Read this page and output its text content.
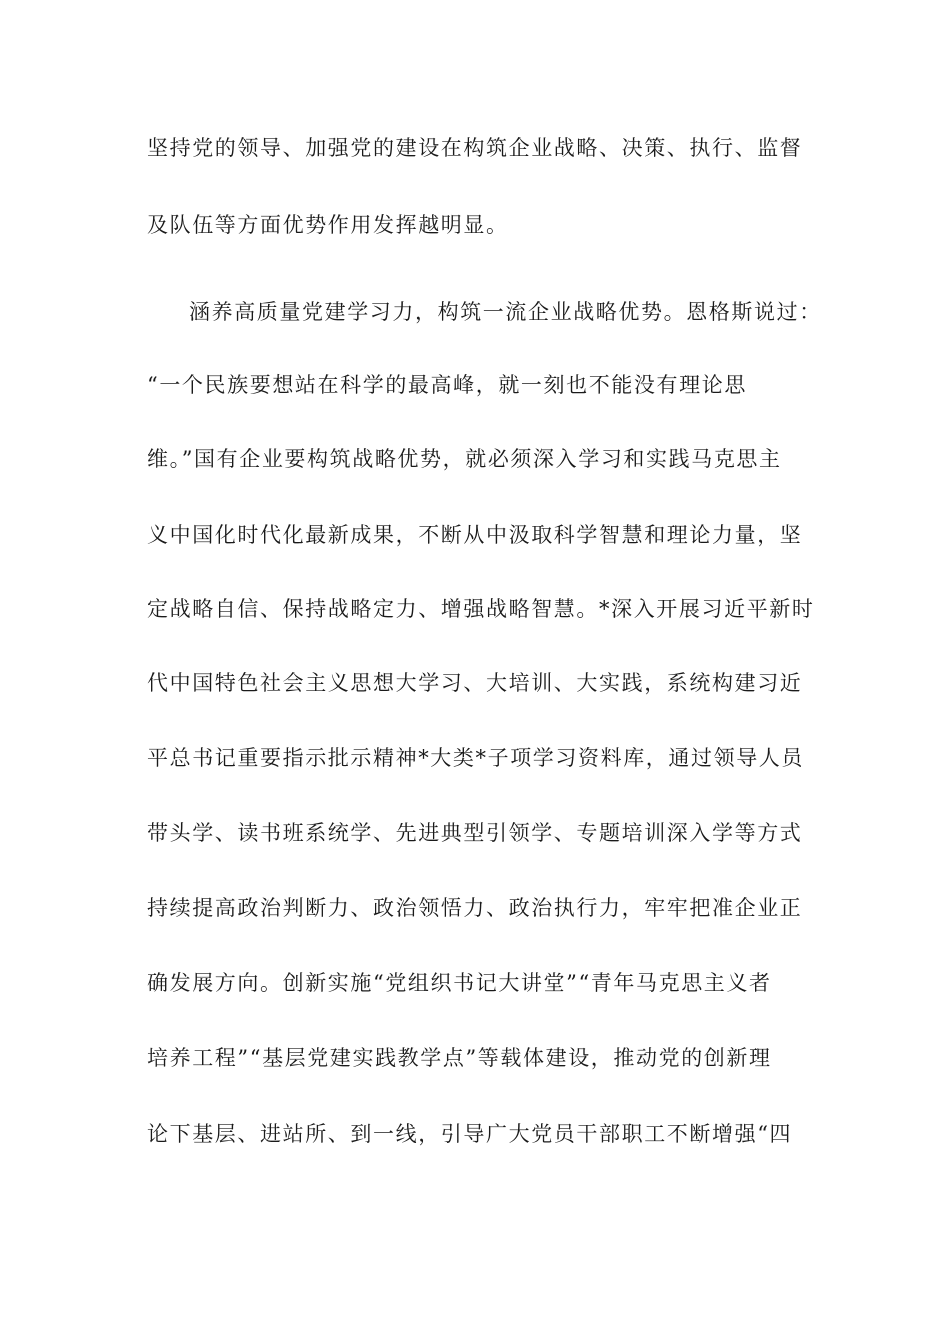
坚持党的领导、加强党的建设在构筑企业战略、决策、执行、监督
及队伍等方面优势作用发挥越明显。
涵养高质量党建学习力，构筑一流企业战略优势。恩格斯说过：
“一个民族要想站在科学的最高峰，就一刻也不能没有理论思
维。”国有企业要构筑战略优势，就必须深入学习和实践马克思主
义中国化时代化最新成果，不断从中汲取科学智慧和理论力量，坚
定战略自信、保持战略定力、增强战略智慧。*深入开展习近平新时
代中国特色社会主义思想大学习、大培训、大实践，系统构建习近
平总书记重要指示批示精神*大类*子项学习资料库，通过领导人员
带头学、读书班系统学、先进典型引领学、专题培训深入学等方式
持续提高政治判断力、政治领悟力、政治执行力，牢牢把准企业正
确发展方向。创新实施“党组织书记大讲堂”“青年马克思主义者
培养工程”“基层党建实践教学点”等载体建设，推动党的创新理
论下基层、进站所、到一线，引导广大党员干部职工不断增强“四
